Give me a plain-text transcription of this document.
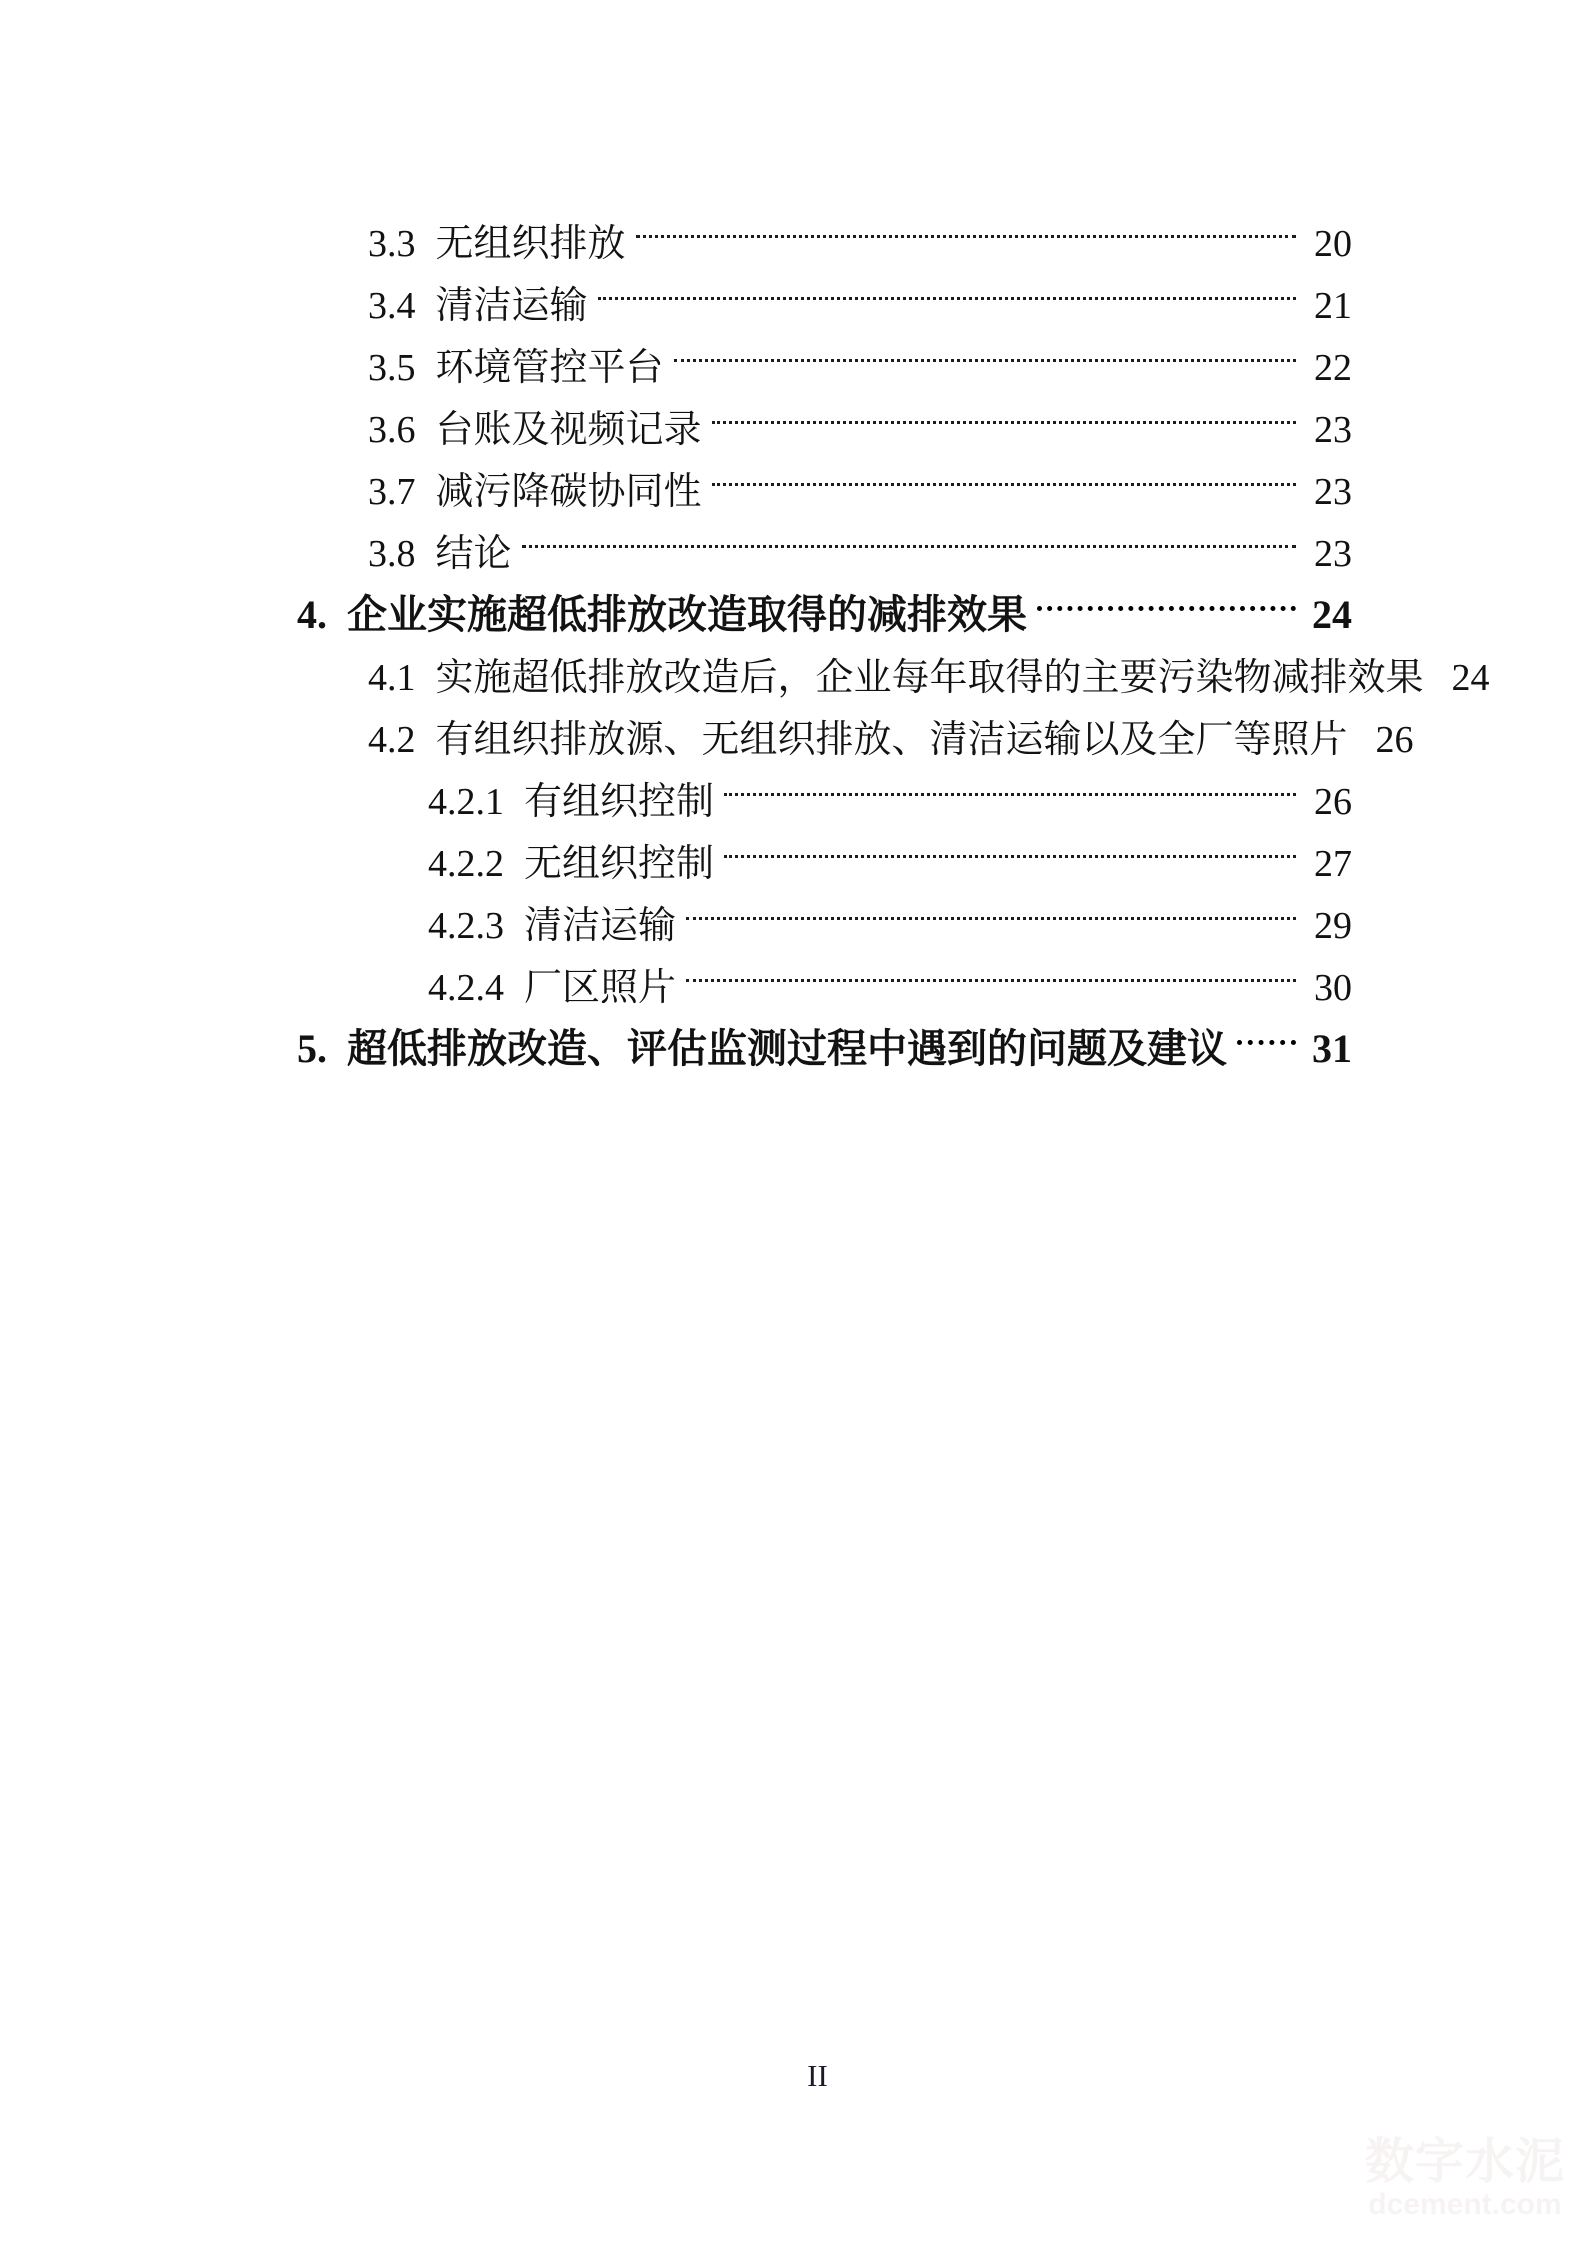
3.3 无组织排放	20
3.4 清洁运输	21
3.5 环境管控平台	22
3.6 台账及视频记录	23
3.7 减污降碳协同性	23
3.8 结论	23
4. 企业实施超低排放改造取得的减排效果	24
4.1 实施超低排放改造后，企业每年取得的主要污染物减排效果 24
4.2 有组织排放源、无组织排放、清洁运输以及全厂等照片 26
4.2.1 有组织控制	26
4.2.2 无组织控制	27
4.2.3 清洁运输	29
4.2.4 厂区照片	30
5. 超低排放改造、评估监测过程中遇到的问题及建议 31
II
数字水泥
dcement.com
